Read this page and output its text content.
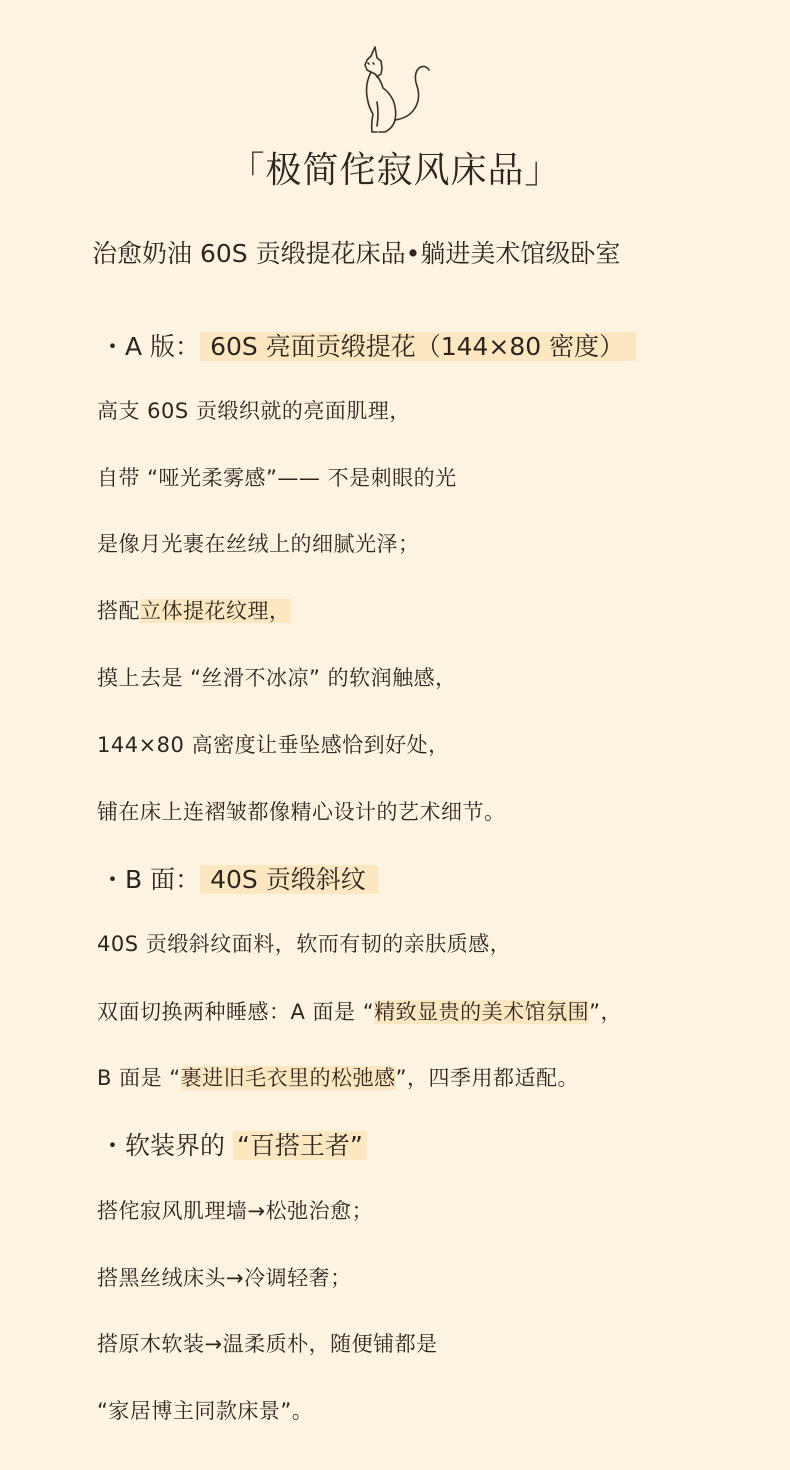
「极简侘寂风床品」
治愈奶油 60S 贡缎提花床品•躺进美术馆级卧室
・A 版： 60S 亮面贡缎提花（144×80 密度）
高支 60S 贡缎织就的亮面肌理，
自带 “哑光柔雾感”—— 不是刺眼的光
是像月光裹在丝绒上的细腻光泽；
搭配立体提花纹理，
摸上去是 “丝滑不冰凉” 的软润触感，
144×80 高密度让垂坠感恰到好处，
铺在床上连褶皱都像精心设计的艺术细节。
・B 面： 40S 贡缎斜纹
40S 贡缎斜纹面料，软而有韧的亲肤质感，
双面切换两种睡感：A 面是 “精致显贵的美术馆氛围”，
B 面是 “裹进旧毛衣里的松弛感”，四季用都适配。
・软装界的 “百搭王者”
搭侘寂风肌理墙→松弛治愈；
搭黑丝绒床头→冷调轻奢；
搭原木软装→温柔质朴，随便铺都是
“家居博主同款床景”。
